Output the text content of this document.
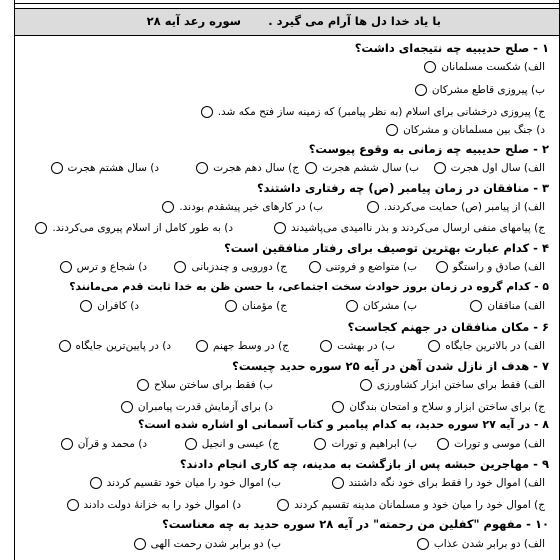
با یاد خدا دل ها آرام می گیرد .
سوره رعد آیه ۲۸
۱ - صلح حدیبیه چه نتیجه‌ای داشت؟
الف) شکست مسلمانان
ب) پیروزی قاطع مشرکان
ج) پیروزی درخشانی برای اسلام (به نظر پیامبر) که زمینه ساز فتح مکه شد.
د) جنگ بین مسلمانان و مشرکان
۲ - صلح حدیبیه چه زمانی به وقوع پیوست؟
الف) سال اول هجرت
ب) سال ششم هجرت
ج) سال دهم هجرت
د) سال هشتم هجرت
۳ - منافقان در زمان پیامبر (ص) چه رفتاری داشتند؟
الف) از پیامبر (ص) حمایت می‌کردند.
ب) در کارهای خیر پیشقدم بودند.
ج) پیامهای منفی ارسال می‌کردند و بذر ناامیدی می‌پاشیدند
د) به طور کامل از اسلام پیروی می‌کردند.
۴ - کدام عبارت بهترین توصیف برای رفتار منافقین است؟
الف) صادق و راستگو
ب) متواضع و فروتنی
ج) دورویی و چندزبانی
د) شجاع و ترس
۵ - کدام گروه در زمان بروز حوادث سخت اجتماعی، با حسن ظن به خدا ثابت قدم می‌مانند؟
الف) منافقان
ب) مشرکان
ج) مؤمنان
د) کافران
۶ - مکان منافقان در جهنم کجاست؟
الف) در بالاترین جایگاه
ب) در بهشت
ج) در وسط جهنم
د) در پایین‌ترین جایگاه
۷ - هدف از نازل شدن آهن در آیه ۲۵ سوره حدید چیست؟
الف) فقط برای ساختن ابزار کشاورزی
ب) فقط برای ساختن سلاح
ج) برای ساختن ابزار و سلاح و امتحان بندگان
د) برای آزمایش قدرت پیامبران
۸ - در آیه ۲۷ سوره حدید، به کدام پیامبر و کتاب آسمانی او اشاره شده است؟
الف) موسی و تورات
ب) ابراهیم و تورات
ج) عیسی و انجیل
د) محمد و قرآن
۹ - مهاجرین حبشه پس از بازگشت به مدینه، چه کاری انجام دادند؟
الف) اموال خود را فقط برای خود نگه داشتند
ب) اموال خود را میان خود تقسیم کردند
ج) اموال خود را میان خود و مسلمانان مدینه تقسیم کردند
د) اموال خود را به خزانهٔ دولت دادند
۱۰ - مفهوم "کفلین من رحمته" در آیه ۲۸ سوره حدید به چه معناست؟
الف) دو برابر شدن عذاب
ب) دو برابر شدن رحمت الهی
